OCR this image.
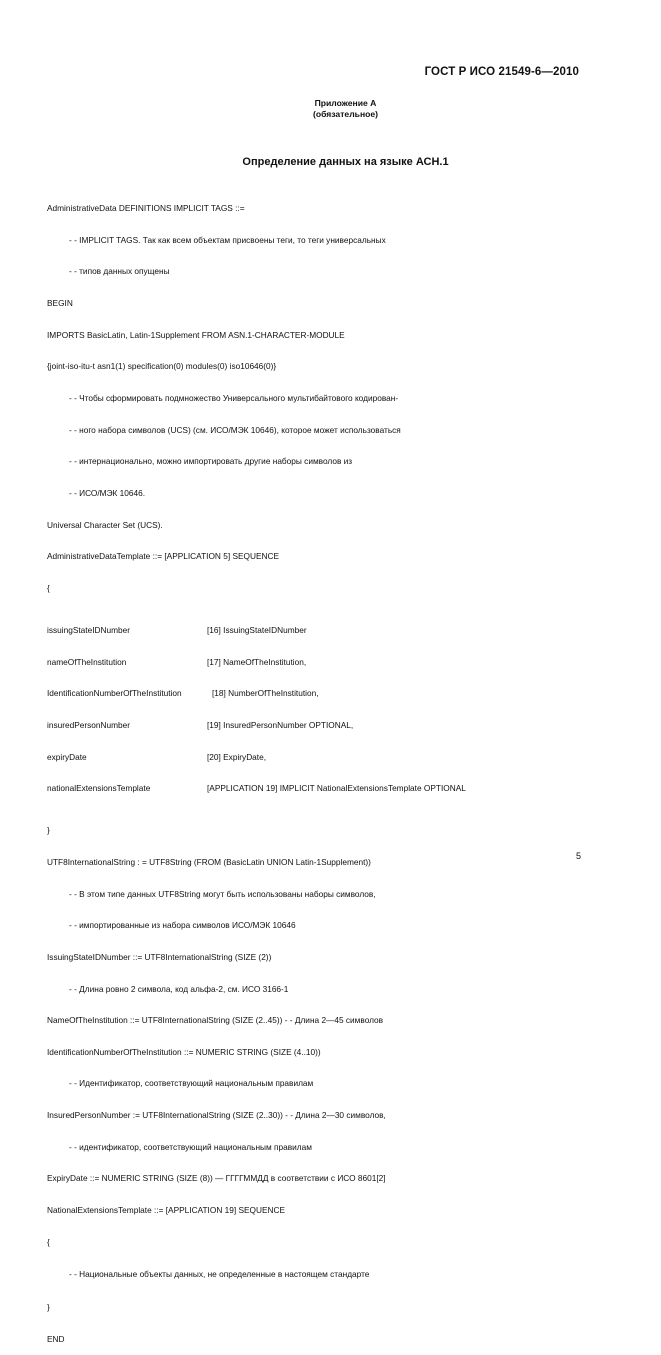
ГОСТ Р ИСО 21549-6—2010
Приложение А
(обязательное)
Определение данных на языке АСН.1

AdministrativeData DEFINITIONS IMPLICIT TAGS ::=

- - IMPLICIT TAGS. Так как всем объектам присвоены теги, то теги универсальных

- - типов данных опущены

BEGIN

IMPORTS BasicLatin, Latin-1Supplement FROM ASN.1-CHARACTER-MODULE

{joint-iso-itu-t asn1(1) specification(0) modules(0) iso10646(0)}

- - Чтобы сформировать подмножество Универсального мультибайтового кодирован-

- - ного набора символов (UCS) (см. ИСО/МЭК 10646), которое может использоваться

- - интернационально, можно импортировать другие наборы символов из

- - ИСО/МЭК 10646.

Universal Character Set (UCS).

AdministrativeDataTemplate ::= [APPLICATION 5] SEQUENCE

{

issuingStateIDNumber

	[16] IssuingStateIDNumber

nameOfTheInstitution

	[17] NameOfTheInstitution,

IdentificationNumberOfTheInstitution

	[18] NumberOfTheInstitution,

insuredPersonNumber

	[19] InsuredPersonNumber OPTIONAL,

expiryDate

	[20] ExpiryDate,

nationalExtensionsTemplate

	[APPLICATION 19] IMPLICIT NationalExtensionsTemplate OPTIONAL

}

UTF8InternationalString : = UTF8String (FROM (BasicLatin UNION Latin-1Supplement))

- - В этом типе данных UTF8String могут быть использованы наборы символов,

- - импортированные из набора символов ИСО/МЭК 10646

IssuingStateIDNumber ::= UTF8InternationalString (SIZE (2))

- - Длина ровно 2 символа, код альфа-2, см. ИСО 3166-1

NameOfTheInstitution ::= UTF8InternationalString (SIZE (2..45)) - - Длина 2—45 символов

IdentificationNumberOfTheInstitution ::= NUMERIC STRING (SIZE (4..10))

- - Идентификатор, соответствующий национальным правилам

InsuredPersonNumber := UTF8InternationalString (SIZE (2..30)) - - Длина 2—30 символов,

- - идентификатор, соответствующий национальным правилам

ExpiryDate ::= NUMERIC STRING (SIZE (8)) — ГГГГММДД в соответствии с ИСО 8601[2]

NationalExtensionsTemplate ::= [APPLICATION 19] SEQUENCE

{

- - Национальные объекты данных, не определенные в настоящем стандарте

}

END

5
